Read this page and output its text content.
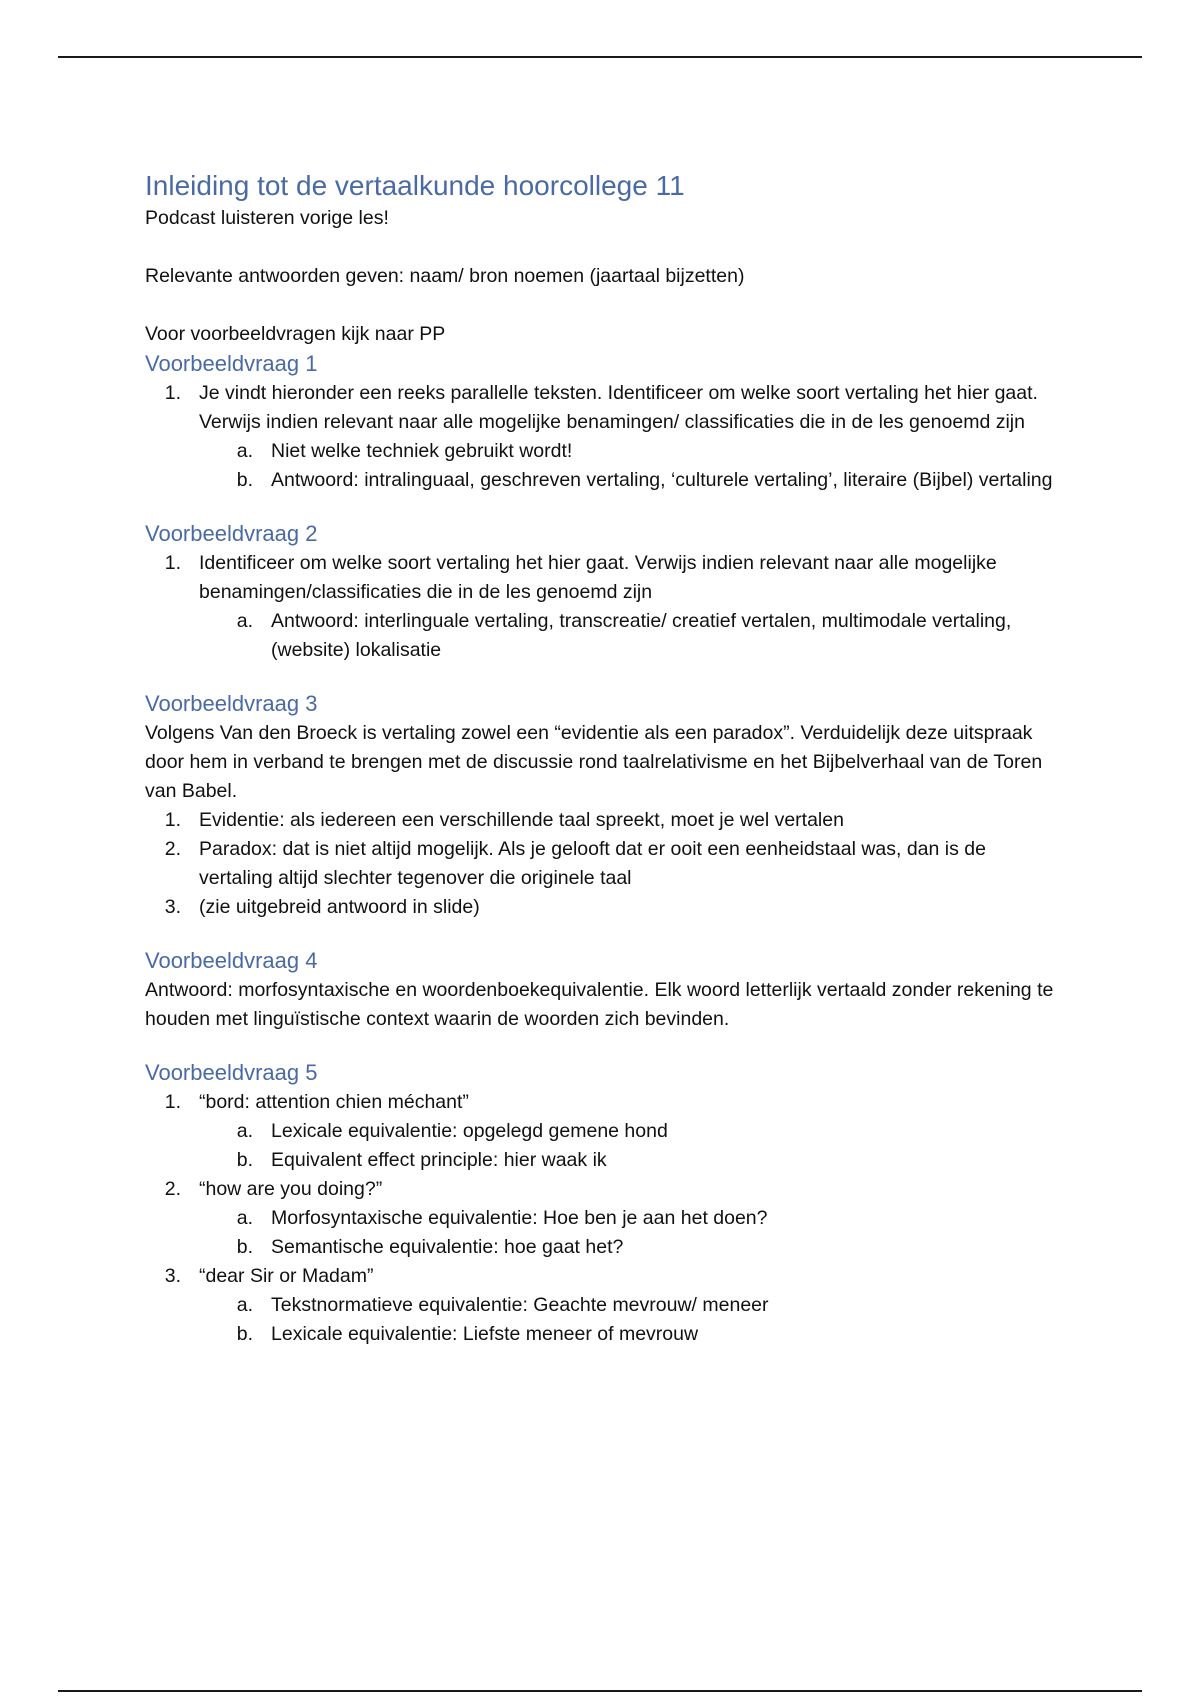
Inleiding tot de vertaalkunde hoorcollege 11

Podcast luisteren vorige les!

Relevante antwoorden geven: naam/ bron noemen (jaartaal bijzetten)

Voor voorbeeldvragen kijk naar PP

Voorbeeldvraag 1
1. Je vindt hieronder een reeks parallelle teksten. Identificeer om welke soort vertaling het hier gaat. Verwijs indien relevant naar alle mogelijke benamingen/ classificaties die in de les genoemd zijn
a. Niet welke techniek gebruikt wordt!
b. Antwoord: intralinguaal, geschreven vertaling, ‘culturele vertaling’, literaire (Bijbel) vertaling
Voorbeeldvraag 2
1. Identificeer om welke soort vertaling het hier gaat. Verwijs indien relevant naar alle mogelijke benamingen/classificaties die in de les genoemd zijn
a. Antwoord: interlinguale vertaling, transcreatie/ creatief vertalen, multimodale vertaling, (website) lokalisatie
Voorbeeldvraag 3

Volgens Van den Broeck is vertaling zowel een “evidentie als een paradox”. Verduidelijk deze uitspraak door hem in verband te brengen met de discussie rond taalrelativisme en het Bijbelverhaal van de Toren van Babel.

1. Evidentie: als iedereen een verschillende taal spreekt, moet je wel vertalen
2. Paradox: dat is niet altijd mogelijk. Als je gelooft dat er ooit een eenheidstaal was, dan is de vertaling altijd slechter tegenover die originele taal
3. (zie uitgebreid antwoord in slide)
Voorbeeldvraag 4

Antwoord: morfosyntaxische en woordenboekequivalentie. Elk woord letterlijk vertaald zonder rekening te houden met linguïstische context waarin de woorden zich bevinden.

Voorbeeldvraag 5
1. “bord: attention chien méchant”
a. Lexicale equivalentie: opgelegd gemene hond
b. Equivalent effect principle: hier waak ik
2. “how are you doing?”
a. Morfosyntaxische equivalentie: Hoe ben je aan het doen?
b. Semantische equivalentie: hoe gaat het?
3. “dear Sir or Madam”
a. Tekstnormatieve equivalentie: Geachte mevrouw/ meneer
b. Lexicale equivalentie: Liefste meneer of mevrouw
